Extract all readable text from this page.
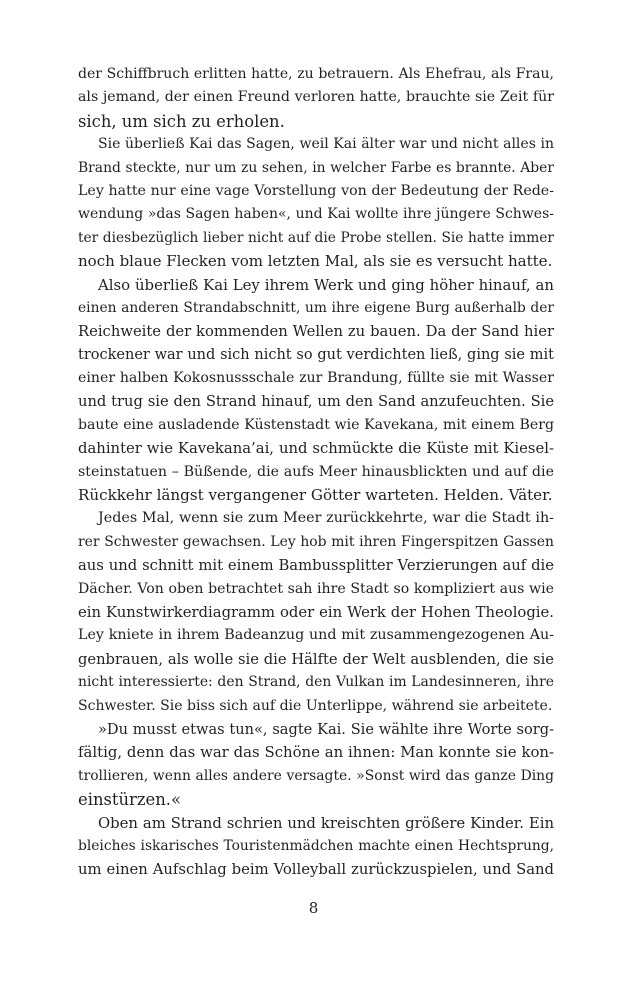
der Schiffbruch erlitten hatte, zu betrauern. Als Ehefrau, als Frau,
als jemand, der einen Freund verloren hatte, brauchte sie Zeit für
sich, um sich zu erholen.
Sie überließ Kai das Sagen, weil Kai älter war und nicht alles in
Brand steckte, nur um zu sehen, in welcher Farbe es brannte. Aber
Ley hatte nur eine vage Vorstellung von der Bedeutung der Rede-
wendung »das Sagen haben«, und Kai wollte ihre jüngere Schwes-
ter diesbezüglich lieber nicht auf die Probe stellen. Sie hatte immer
noch blaue Flecken vom letzten Mal, als sie es versucht hatte.
Also überließ Kai Ley ihrem Werk und ging höher hinauf, an
einen anderen Strandabschnitt, um ihre eigene Burg außerhalb der
Reichweite der kommenden Wellen zu bauen. Da der Sand hier
trockener war und sich nicht so gut verdichten ließ, ging sie mit
einer halben Kokosnussschale zur Brandung, füllte sie mit Wasser
und trug sie den Strand hinauf, um den Sand anzufeuchten. Sie
baute eine ausladende Küstenstadt wie Kavekana, mit einem Berg
dahinter wie Kavekana’ai, und schmückte die Küste mit Kiesel-
steinstatuen – Büßende, die aufs Meer hinausblickten und auf die
Rückkehr längst vergangener Götter warteten. Helden. Väter.
Jedes Mal, wenn sie zum Meer zurückkehrte, war die Stadt ih-
rer Schwester gewachsen. Ley hob mit ihren Fingerspitzen Gassen
aus und schnitt mit einem Bambussplitter Verzierungen auf die
Dächer. Von oben betrachtet sah ihre Stadt so kompliziert aus wie
ein Kunstwirkerdiagramm oder ein Werk der Hohen Theologie.
Ley kniete in ihrem Badeanzug und mit zusammengezogenen Au-
genbrauen, als wolle sie die Hälfte der Welt ausblenden, die sie
nicht interessierte: den Strand, den Vulkan im Landesinneren, ihre
Schwester. Sie biss sich auf die Unterlippe, während sie arbeitete.
»Du musst etwas tun«, sagte Kai. Sie wählte ihre Worte sorg-
fältig, denn das war das Schöne an ihnen: Man konnte sie kon-
trollieren, wenn alles andere versagte. »Sonst wird das ganze Ding
einstürzen.«
Oben am Strand schrien und kreischten größere Kinder. Ein
bleiches iskarisches Touristenmädchen machte einen Hechtsprung,
um einen Aufschlag beim Volleyball zurückzuspielen, und Sand
8
